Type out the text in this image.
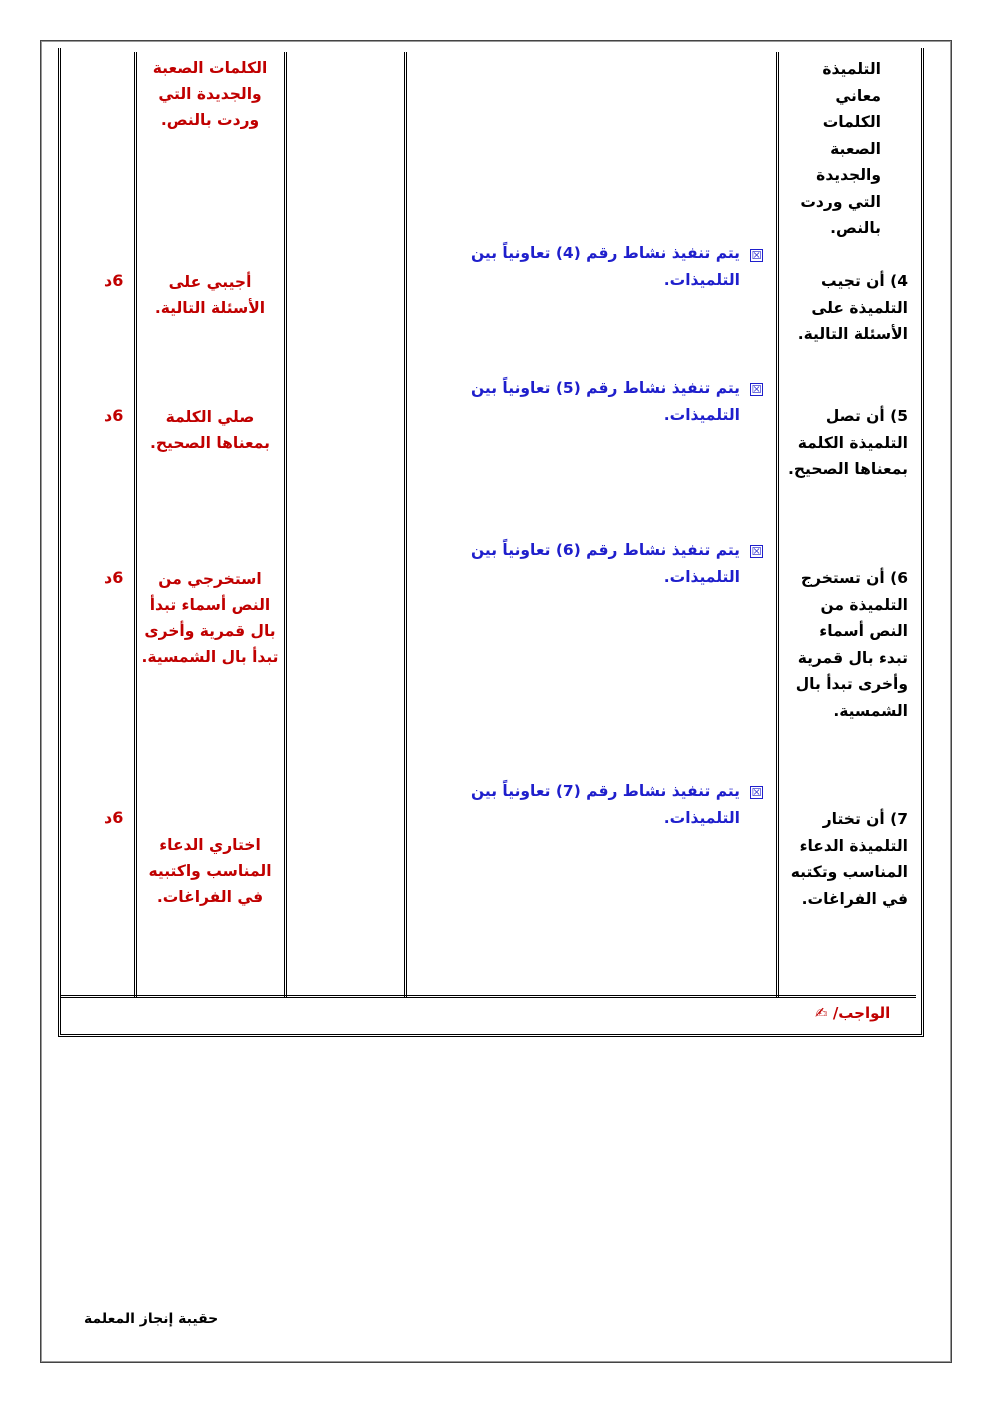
التلميذة معاني الكلمات الصعبة والجديدة التي وردت بالنص.
4) أن تجيب التلميذة على الأسئلة التالية.
5) أن تصل التلميذة الكلمة بمعناها الصحيح.
6) أن تستخرج التلميذة من النص أسماء تبدء بال قمرية وأخرى تبدأ بال الشمسية.
7) أن تختار التلميذة الدعاء المناسب وتكتبه في الفراغات.
☒
يتم تنفيذ نشاط رقم (4) تعاونياً بين التلميذات.
☒
يتم تنفيذ نشاط رقم (5) تعاونياً بين التلميذات.
☒
يتم تنفيذ نشاط رقم (6) تعاونياً بين التلميذات.
☒
يتم تنفيذ نشاط رقم (7) تعاونياً بين التلميذات.
الكلمات الصعبة والجديدة التي وردت بالنص.
أجيبي على الأسئلة التالية.
صلي الكلمة بمعناها الصحيح.
استخرجي من النص أسماء تبدأ بال قمرية وأخرى تبدأ بال الشمسية.
اختاري الدعاء المناسب واكتبيه في الفراغات.
6د
6د
6د
6د
الواجب/ ✍
حقيبة إنجاز المعلمة
